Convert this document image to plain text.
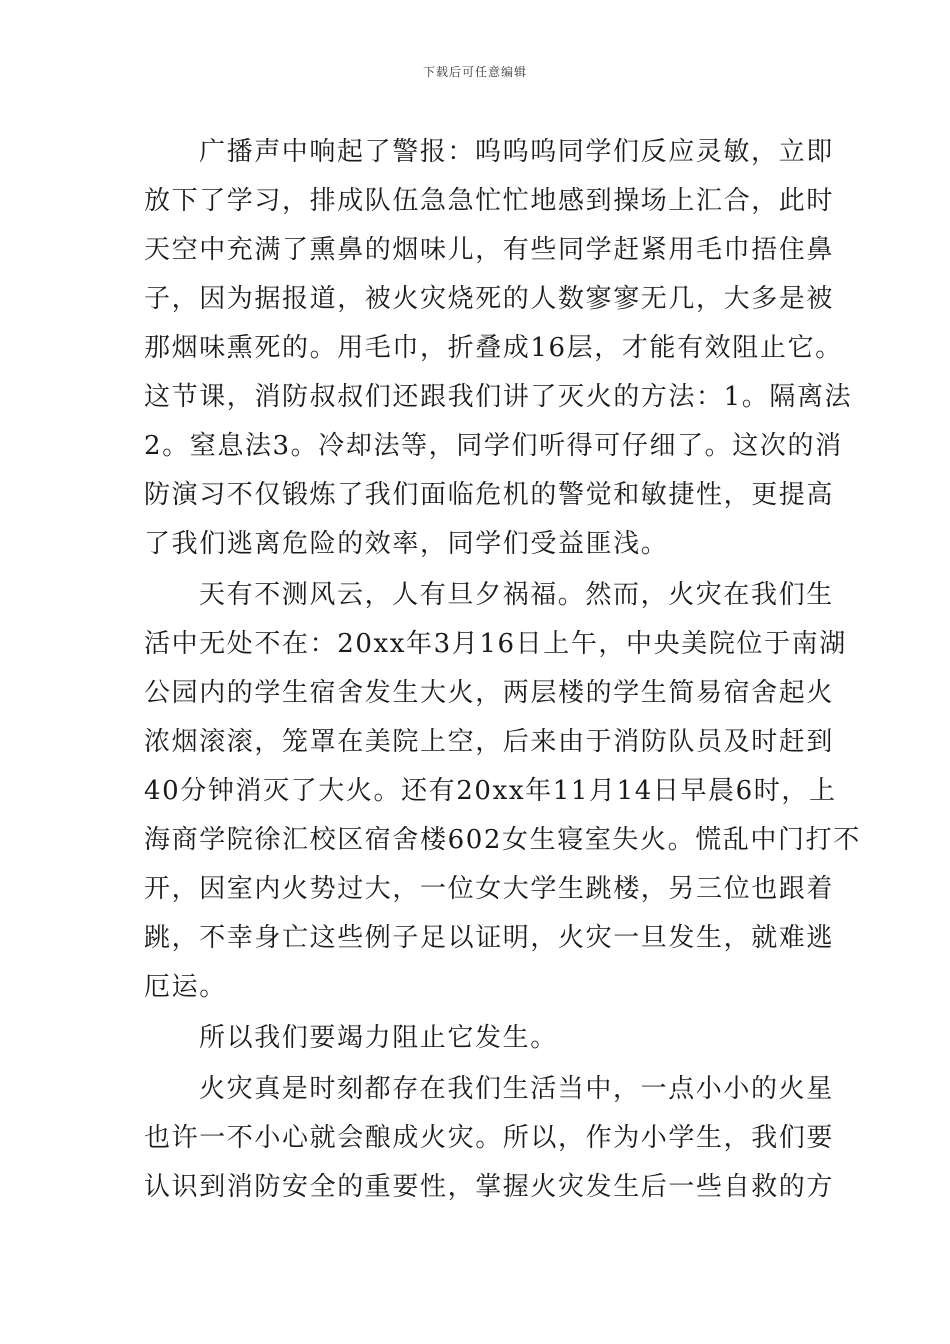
下载后可任意编辑
广播声中响起了警报：呜呜呜同学们反应灵敏，立即
放下了学习，排成队伍急急忙忙地感到操场上汇合，此时
天空中充满了熏鼻的烟味儿，有些同学赶紧用毛巾捂住鼻
子，因为据报道，被火灾烧死的人数寥寥无几，大多是被
那烟味熏死的。用毛巾，折叠成16层，才能有效阻止它。
这节课，消防叔叔们还跟我们讲了灭火的方法：1。隔离法
2。窒息法3。冷却法等，同学们听得可仔细了。这次的消
防演习不仅锻炼了我们面临危机的警觉和敏捷性，更提高
了我们逃离危险的效率，同学们受益匪浅。
天有不测风云，人有旦夕祸福。然而，火灾在我们生
活中无处不在：20xx年3月16日上午，中央美院位于南湖
公园内的学生宿舍发生大火，两层楼的学生简易宿舍起火
浓烟滚滚，笼罩在美院上空，后来由于消防队员及时赶到
40分钟消灭了大火。还有20xx年11月14日早晨6时，上
海商学院徐汇校区宿舍楼602女生寝室失火。慌乱中门打不
开，因室内火势过大，一位女大学生跳楼，另三位也跟着
跳，不幸身亡这些例子足以证明，火灾一旦发生，就难逃
厄运。
所以我们要竭力阻止它发生。
火灾真是时刻都存在我们生活当中，一点小小的火星
也许一不小心就会酿成火灾。所以，作为小学生，我们要
认识到消防安全的重要性，掌握火灾发生后一些自救的方
